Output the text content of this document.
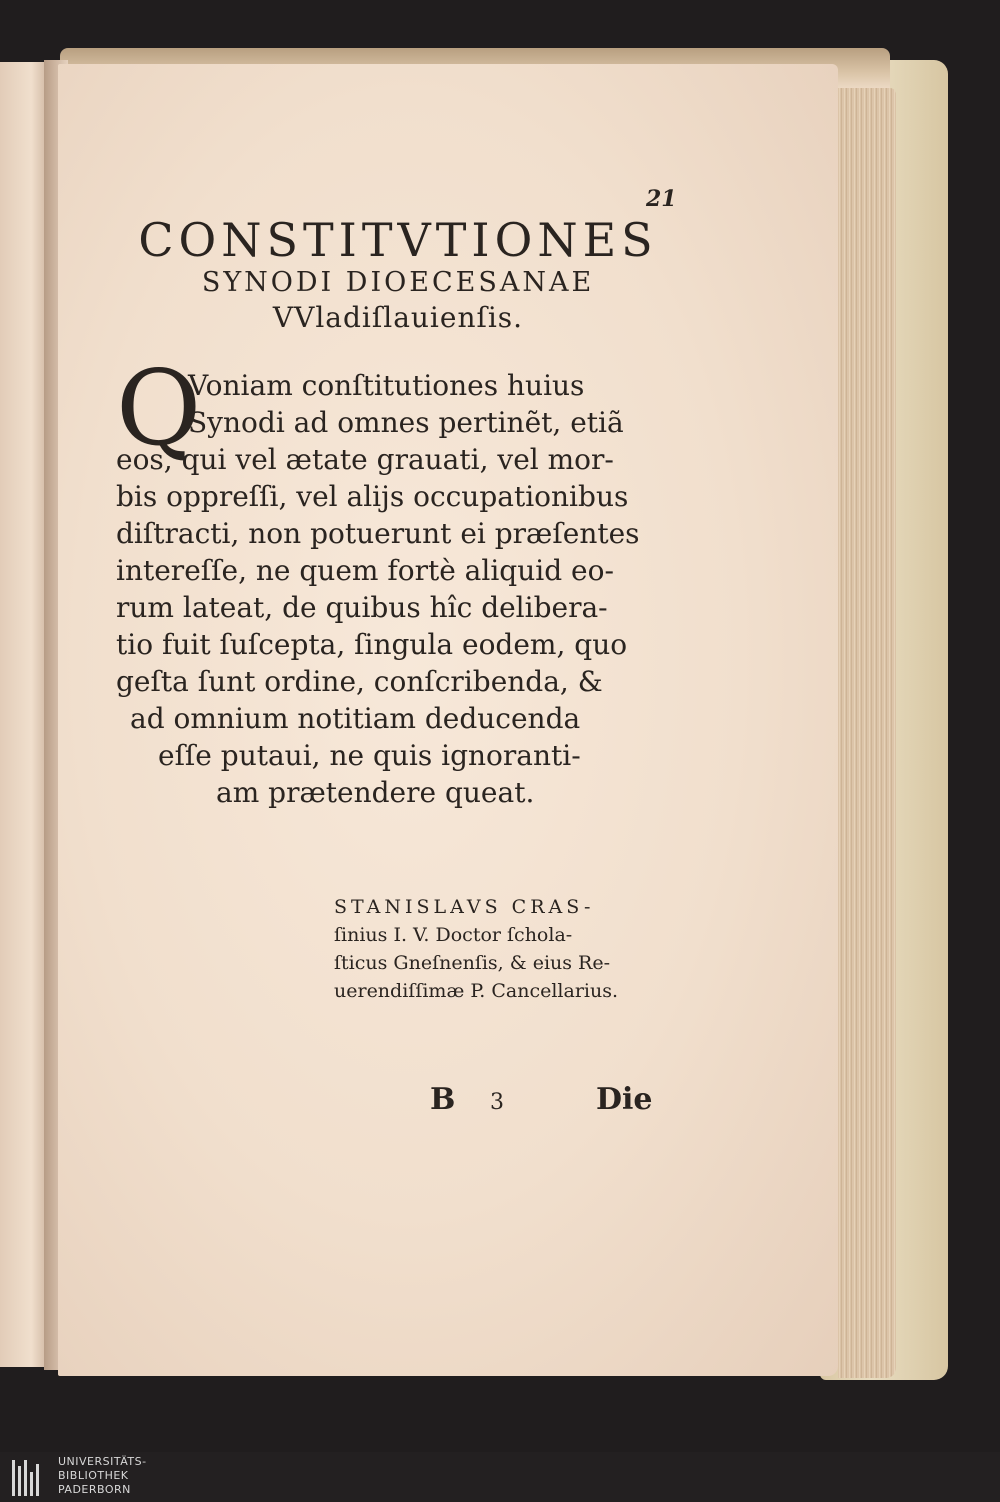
21
CONSTITVTIONES
SYNODI DIOECESANAE
VVladiſlauienſis.
Q
Voniam conſtitutiones huius
Synodi ad omnes pertinẽt, etiã
eos, qui vel ætate grauati, vel mor-
bis oppreſſi, vel alijs occupationibus
diſtracti, non potuerunt ei præſentes
intereſſe, ne quem fortè aliquid eo-
rum lateat, de quibus hîc delibera-
tio fuit ſuſcepta, ſingula eodem, quo
geſta ſunt ordine, conſcribenda, &
ad omnium notitiam deducenda
eſſe putaui, ne quis ignoranti-
am prætendere queat.
STANISLAVS CRAS-
ſinius I. V. Doctor ſchola-
ſticus Gneſnenſis, & eius Re-
uerendiſſimæ P. Cancellarius.
B 3	Die
UNIVERSITÄTS-
BIBLIOTHEK
PADERBORN
